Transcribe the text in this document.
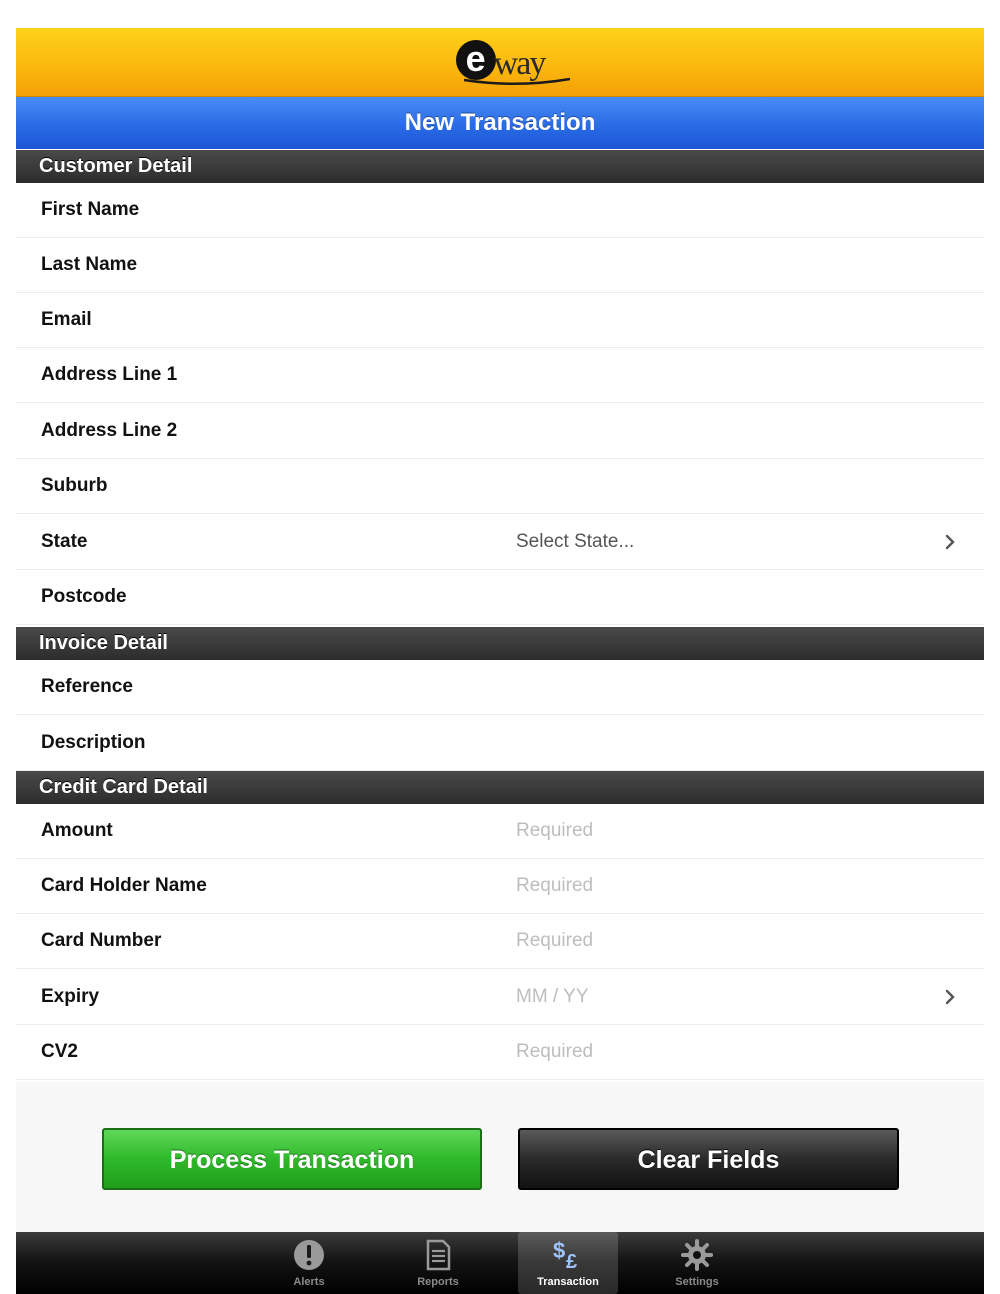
e way
New Transaction
Customer Detail
First Name
Last Name
Email
Address Line 1
Address Line 2
Suburb
State	Select State...
Postcode
Invoice Detail
Reference
Description
Credit Card Detail
Amount	Required
Card Holder Name	Required
Card Number	Required
Expiry	MM / YY
CV2	Required
Process Transaction	Clear Fields
Alerts	Reports
$ £
Transaction	Settings
